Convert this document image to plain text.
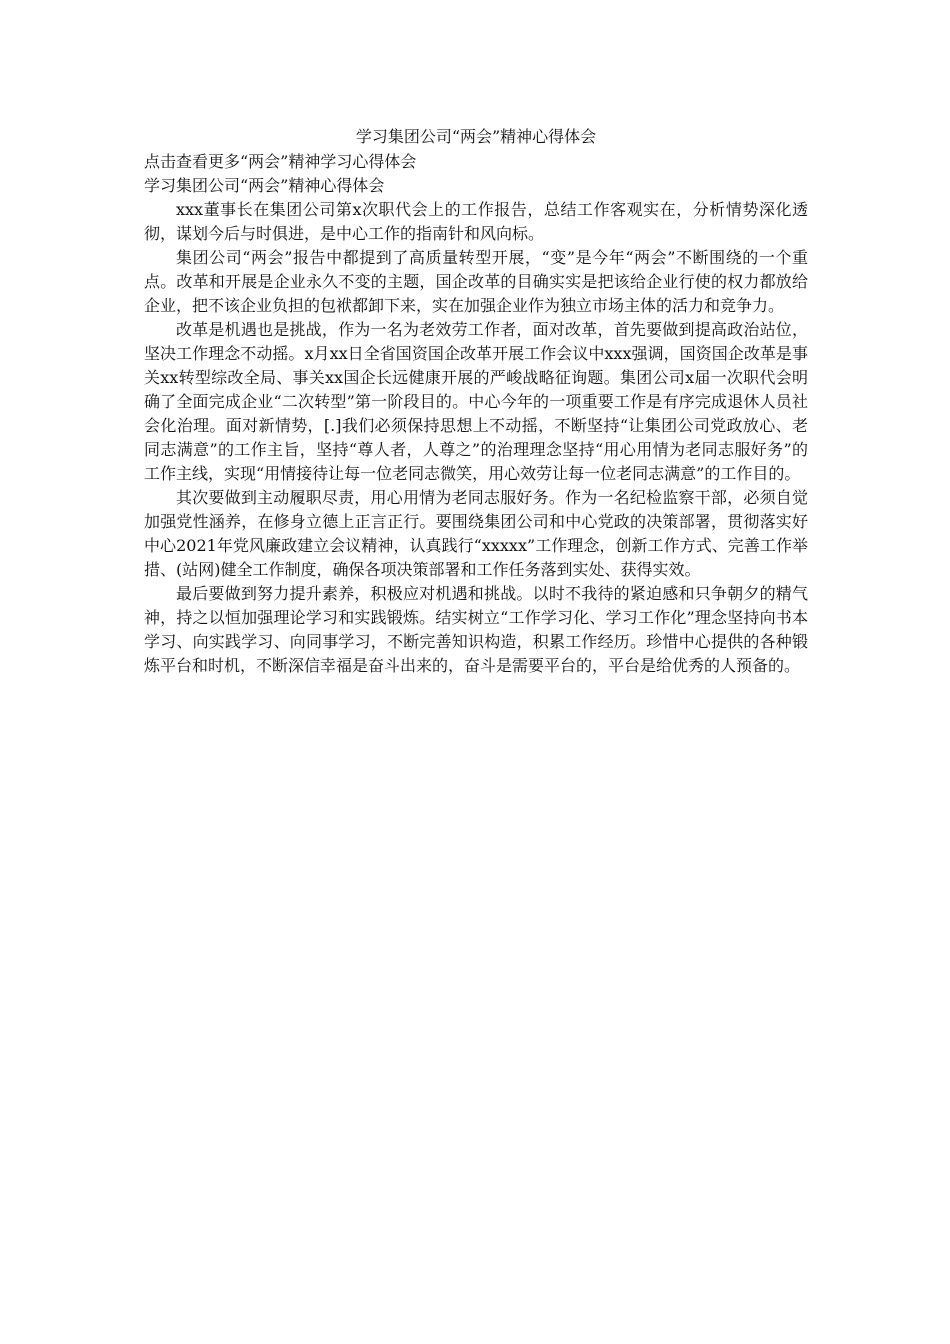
学习集团公司“两会”精神心得体会

点击查看更多“两会”精神学习心得体会

学习集团公司“两会”精神心得体会

xxx董事长在集团公司第x次职代会上的工作报告，总结工作客观实在，分析情势深化透彻，谋划今后与时俱进，是中心工作的指南针和风向标。

集团公司“两会”报告中都提到了高质量转型开展，“变”是今年“两会”不断围绕的一个重点。改革和开展是企业永久不变的主题，国企改革的目确实实是把该给企业行使的权力都放给企业，把不该企业负担的包袱都卸下来，实在加强企业作为独立市场主体的活力和竞争力。

改革是机遇也是挑战，作为一名为老效劳工作者，面对改革，首先要做到提高政治站位，坚决工作理念不动摇。x月xx日全省国资国企改革开展工作会议中xxx强调，国资国企改革是事关xx转型综改全局、事关xx国企长远健康开展的严峻战略征询题。集团公司x届一次职代会明确了全面完成企业“二次转型”第一阶段目的。中心今年的一项重要工作是有序完成退休人员社会化治理。面对新情势，[.]我们必须保持思想上不动摇，不断坚持“让集团公司党政放心、老同志满意”的工作主旨，坚持“尊人者，人尊之”的治理理念坚持“用心用情为老同志服好务”的工作主线，实现“用情接待让每一位老同志微笑，用心效劳让每一位老同志满意”的工作目的。

其次要做到主动履职尽责，用心用情为老同志服好务。作为一名纪检监察干部，必须自觉加强党性涵养，在修身立德上正言正行。要围绕集团公司和中心党政的决策部署，贯彻落实好中心2021年党风廉政建立会议精神，认真践行“xxxxx”工作理念，创新工作方式、完善工作举措、(站网)健全工作制度，确保各项决策部署和工作任务落到实处、获得实效。

最后要做到努力提升素养，积极应对机遇和挑战。以时不我待的紧迫感和只争朝夕的精气神，持之以恒加强理论学习和实践锻炼。结实树立“工作学习化、学习工作化”理念坚持向书本学习、向实践学习、向同事学习，不断完善知识构造，积累工作经历。珍惜中心提供的各种锻炼平台和时机，不断深信幸福是奋斗出来的，奋斗是需要平台的，平台是给优秀的人预备的。
